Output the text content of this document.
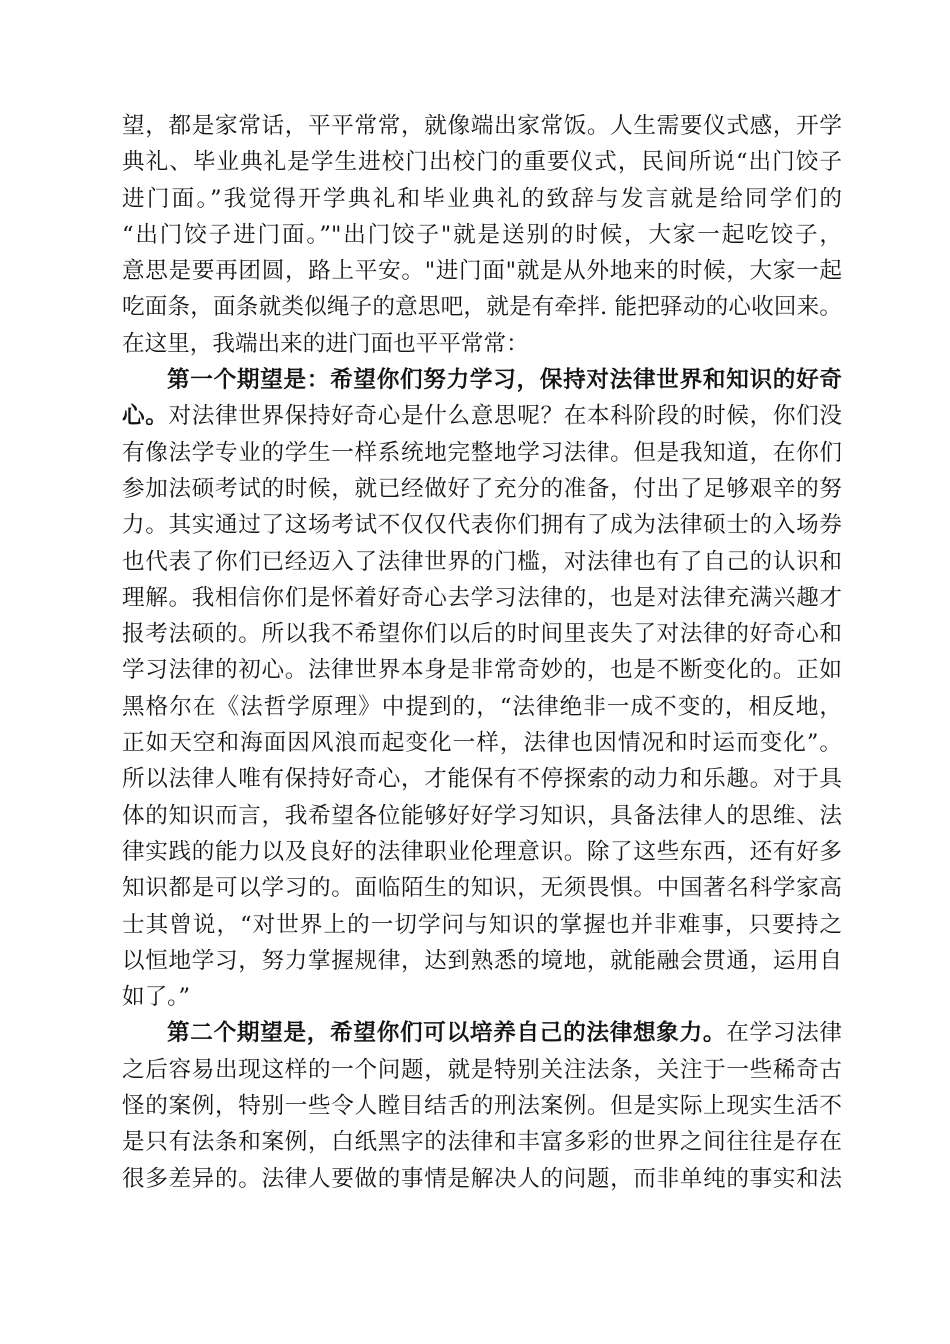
望，都是家常话，平平常常，就像端出家常饭。人生需要仪式感，开学
典礼、毕业典礼是学生进校门出校门的重要仪式，民间所说“出门饺子
进门面。”我觉得开学典礼和毕业典礼的致辞与发言就是给同学们的
“出门饺子进门面。”"出门饺子"就是送别的时候，大家一起吃饺子，
意思是要再团圆，路上平安。"进门面"就是从外地来的时候，大家一起
吃面条，面条就类似绳子的意思吧，就是有牵拌. 能把驿动的心收回来。
在这里，我端出来的进门面也平平常常：
第一个期望是：希望你们努力学习，保持对法律世界和知识的好奇
心。对法律世界保持好奇心是什么意思呢？在本科阶段的时候，你们没
有像法学专业的学生一样系统地完整地学习法律。但是我知道，在你们
参加法硕考试的时候，就已经做好了充分的准备，付出了足够艰辛的努
力。其实通过了这场考试不仅仅代表你们拥有了成为法律硕士的入场券
也代表了你们已经迈入了法律世界的门槛，对法律也有了自己的认识和
理解。我相信你们是怀着好奇心去学习法律的，也是对法律充满兴趣才
报考法硕的。所以我不希望你们以后的时间里丧失了对法律的好奇心和
学习法律的初心。法律世界本身是非常奇妙的，也是不断变化的。正如
黑格尔在《法哲学原理》中提到的，“法律绝非一成不变的，相反地，
正如天空和海面因风浪而起变化一样，法律也因情况和时运而变化”。
所以法律人唯有保持好奇心，才能保有不停探索的动力和乐趣。对于具
体的知识而言，我希望各位能够好好学习知识，具备法律人的思维、法
律实践的能力以及良好的法律职业伦理意识。除了这些东西，还有好多
知识都是可以学习的。面临陌生的知识，无须畏惧。中国著名科学家高
士其曾说，“对世界上的一切学问与知识的掌握也并非难事，只要持之
以恒地学习，努力掌握规律，达到熟悉的境地，就能融会贯通，运用自
如了。”
第二个期望是，希望你们可以培养自己的法律想象力。在学习法律
之后容易出现这样的一个问题，就是特别关注法条，关注于一些稀奇古
怪的案例，特别一些令人瞠目结舌的刑法案例。但是实际上现实生活不
是只有法条和案例，白纸黑字的法律和丰富多彩的世界之间往往是存在
很多差异的。法律人要做的事情是解决人的问题，而非单纯的事实和法
